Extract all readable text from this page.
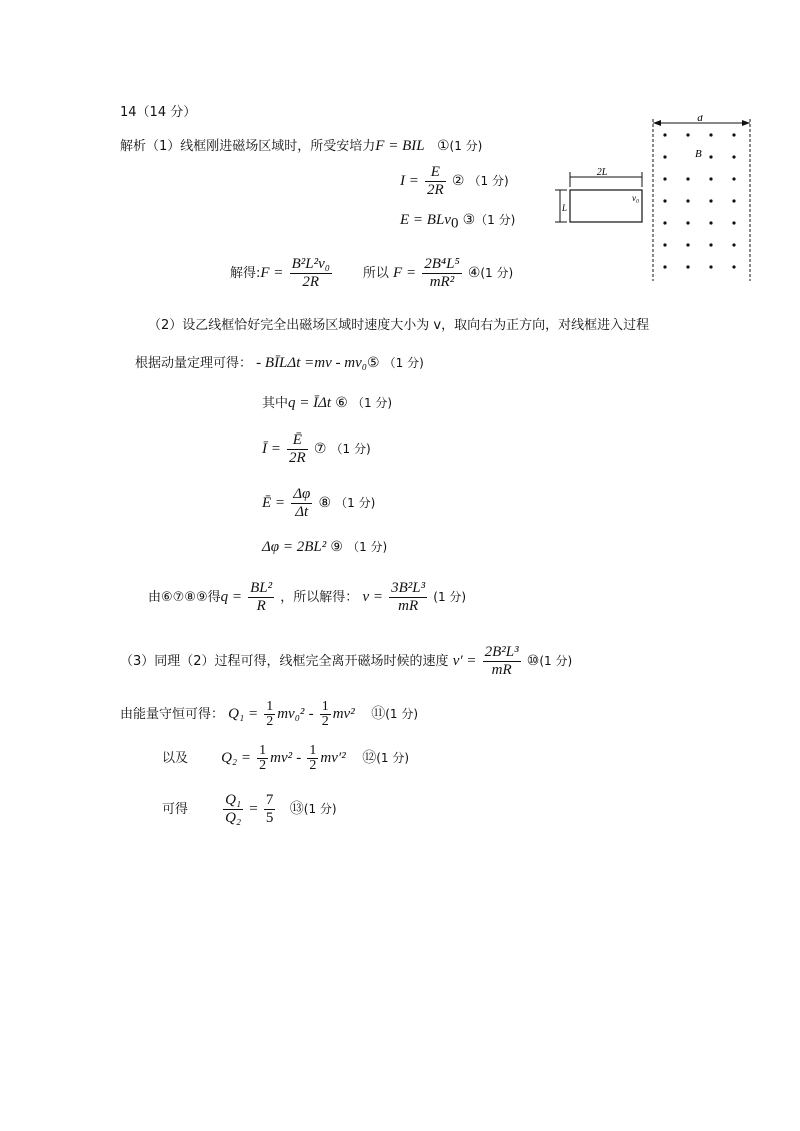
14（14 分）
解析（1）线框刚进磁场区域时，所受安培力F = BIL ①(1 分)
$I = \frac{E}{2R}$ ② （1 分)
E = BLv$_0$ ③（1 分)
解得:F = $\frac{\text{B²L²v₀}}{2R}$ 所以 $F = \frac{\text{2B⁴L⁵}}{\text{mR²}}$ ④(1 分)
d
B
2L
L
v₀
（2）设乙线框恰好完全出磁场区域时速度大小为 v，取向右为正方向，对线框进入过程
根据动量定理可得： - BĪLΔt =mv - mv₀⑤ （1 分)
其中q = ĪΔt ⑥ （1 分)
Ī = $\frac{Ē}{2R}$ ⑦ （1 分)
Ē = $\frac{\Delta\varphi}{\Delta t}$ ⑧ （1 分)
Δφ = 2BL² ⑨ （1 分)
由⑥⑦⑧⑨得$q = \frac{\text{BL²}}{R}$ ，所以解得： $v = \frac{\text{3B²L³}}{mR} (1$ 分)
（3）同理（2）过程可得，线框完全离开磁场时候的速度 $v' = \frac{\text{2B²L³}}{mR}$ ⑩(1 分)
由能量守恒可得： $Q_1 = \frac{1}{2} mv_0^2 - \frac{1}{2} mv^2$ ⑪(1 分)
以及 $Q_2 = \frac{1}{2} mv^2 - \frac{1}{2} mv'^2$ ⑫(1 分)
可得 $\frac{\text{Q₁}}{\text{Q₂}} = \frac{7}{5}$ ⑬(1 分)
